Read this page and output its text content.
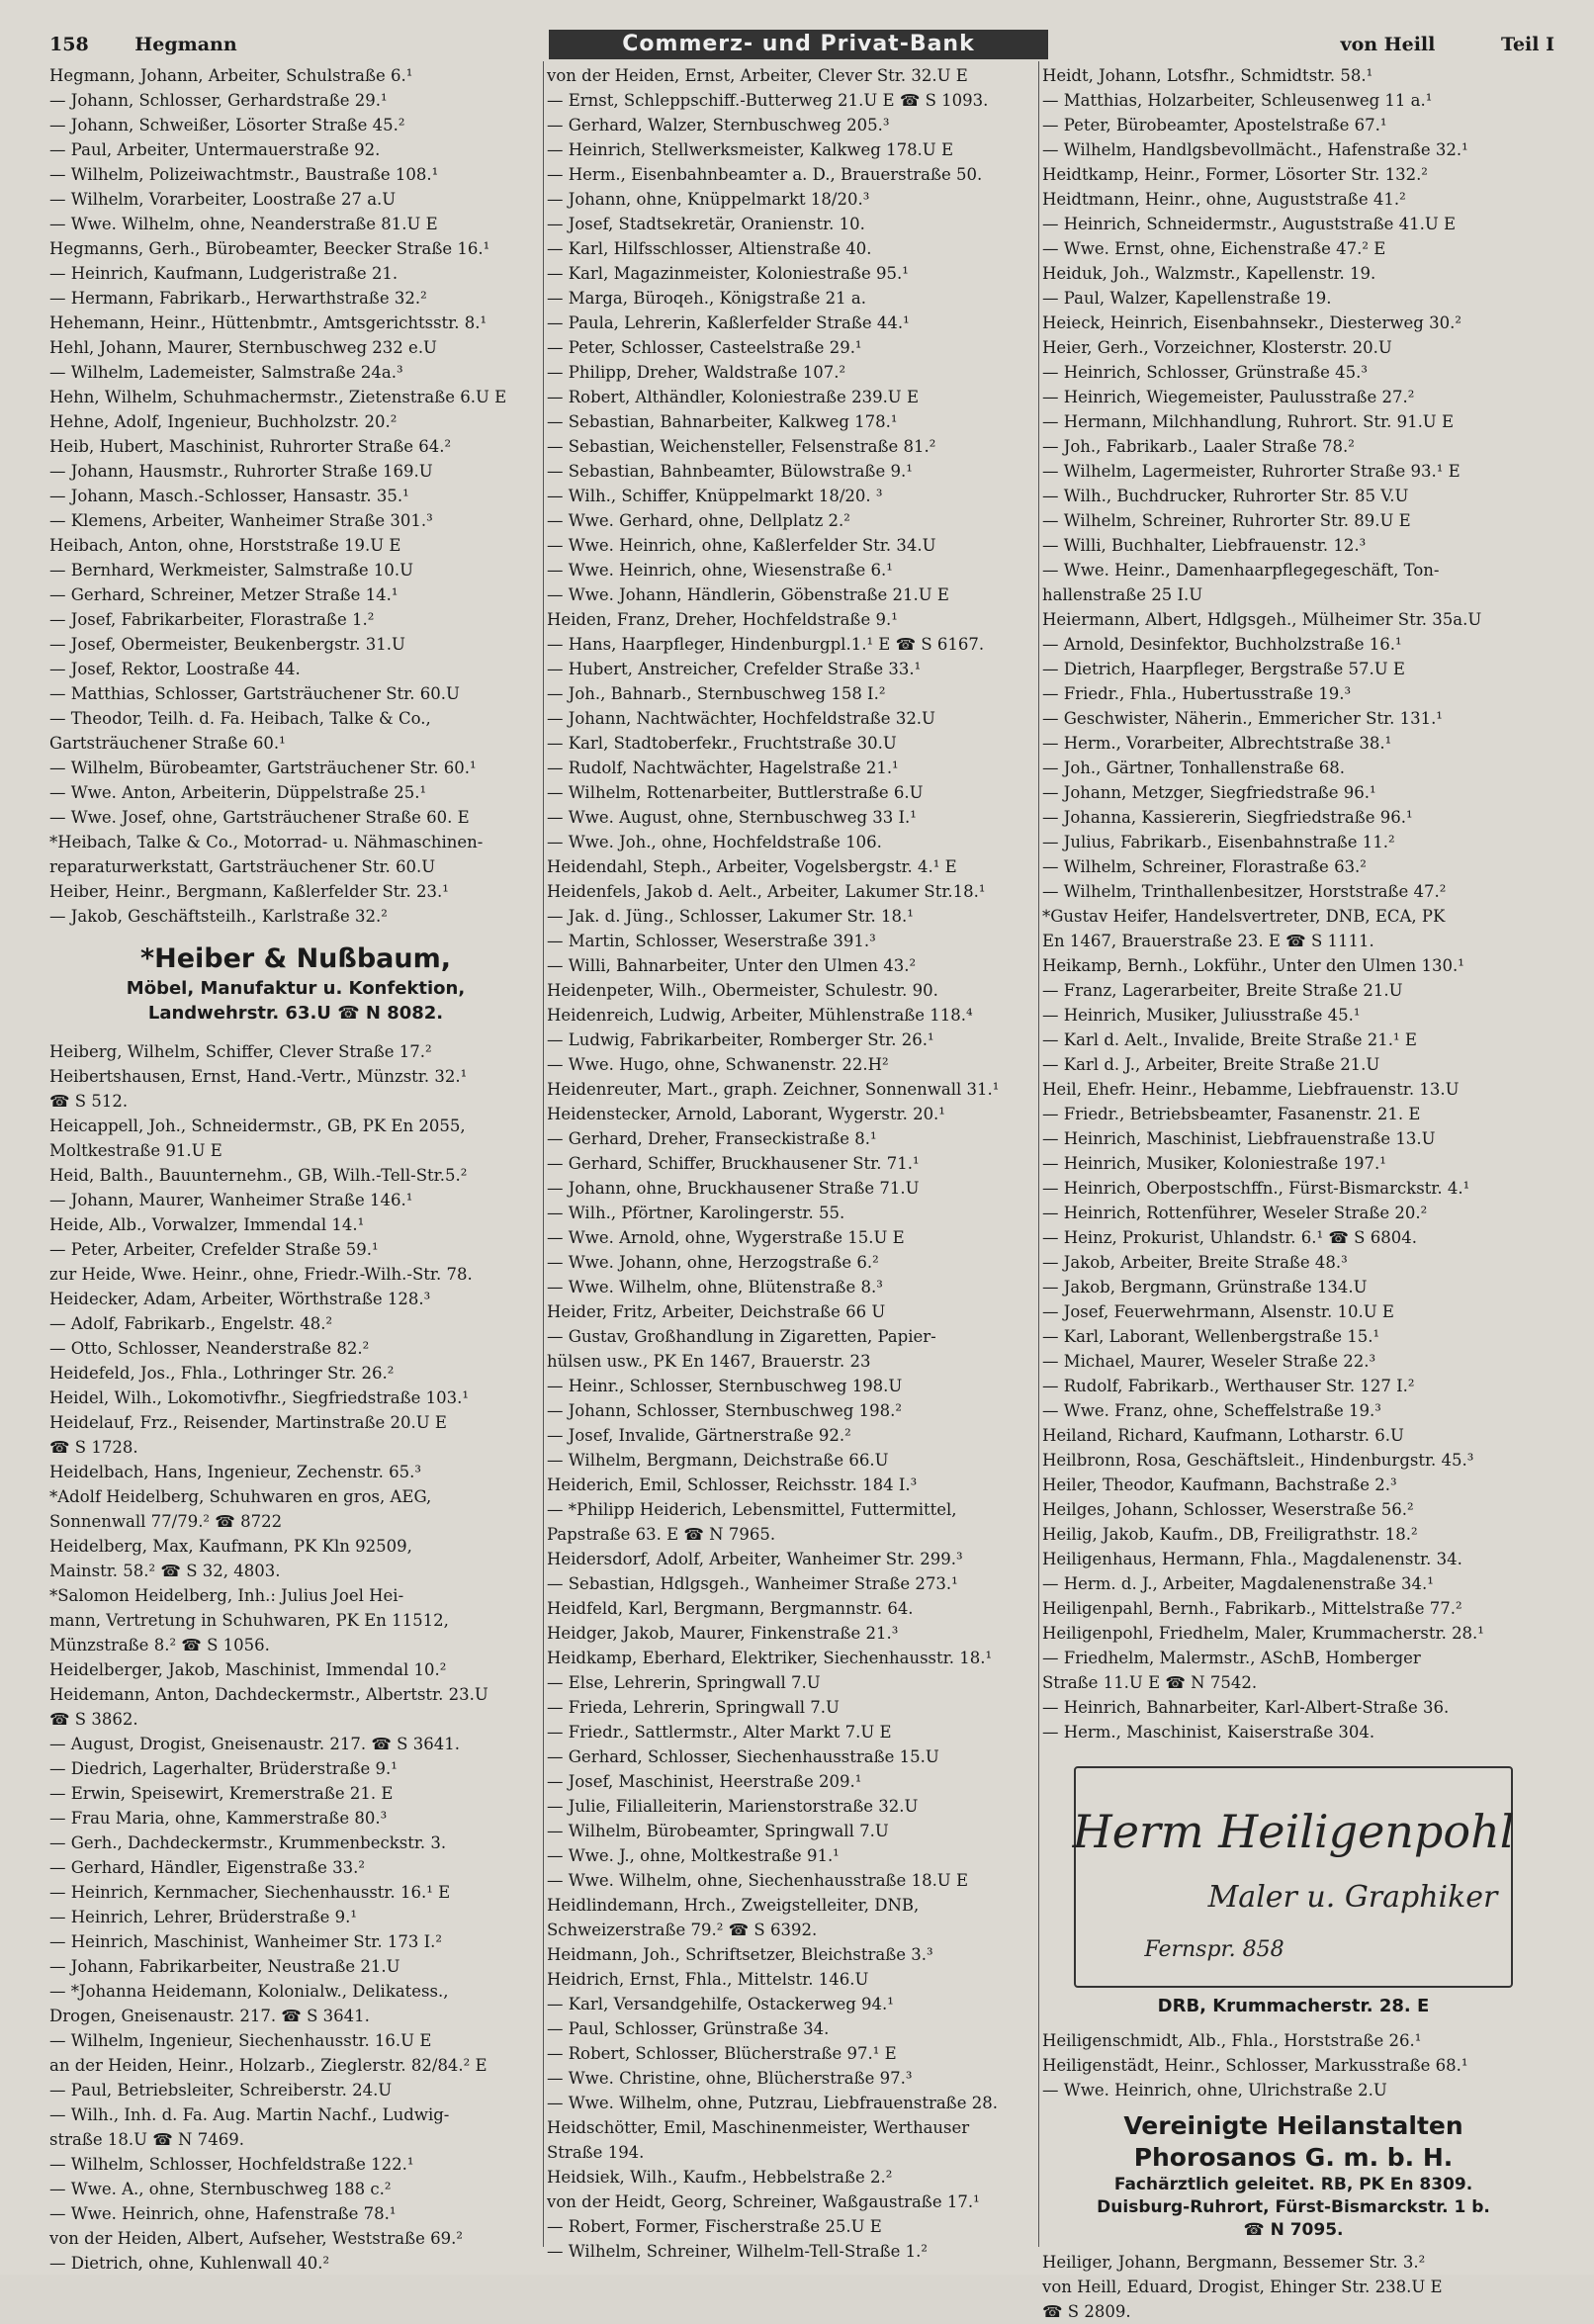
158 Hegmann	Commerz- und Privat-Bank	von Heill	Teil I
Hegmann, Johann, Arbeiter, Schulstraße 6.¹
— Johann, Schlosser, Gerhardstraße 29.¹
— Johann, Schweißer, Lösorter Straße 45.²
— Paul, Arbeiter, Untermauerstraße 92.
— Wilhelm, Polizeiwachtmstr., Baustraße 108.¹
— Wilhelm, Vorarbeiter, Loostraße 27 a.U
— Wwe. Wilhelm, ohne, Neanderstraße 81.U E
Hegmanns, Gerh., Bürobeamter, Beecker Straße 16.¹
— Heinrich, Kaufmann, Ludgeristraße 21.
— Hermann, Fabrikarb., Herwarthstraße 32.²
Hehemann, Heinr., Hüttenbmtr., Amtsgerichtsstr. 8.¹
Hehl, Johann, Maurer, Sternbuschweg 232 e.U
— Wilhelm, Lademeister, Salmstraße 24a.³
Hehn, Wilhelm, Schuhmachermstr., Zietenstraße 6.U E
Hehne, Adolf, Ingenieur, Buchholzstr. 20.²
Heib, Hubert, Maschinist, Ruhrorter Straße 64.²
— Johann, Hausmstr., Ruhrorter Straße 169.U
— Johann, Masch.-Schlosser, Hansastr. 35.¹
— Klemens, Arbeiter, Wanheimer Straße 301.³
Heibach, Anton, ohne, Horststraße 19.U E
— Bernhard, Werkmeister, Salmstraße 10.U
— Gerhard, Schreiner, Metzer Straße 14.¹
— Josef, Fabrikarbeiter, Florastraße 1.²
— Josef, Obermeister, Beukenbergstr. 31.U
— Josef, Rektor, Loostraße 44.
— Matthias, Schlosser, Gartsträuchener Str. 60.U
— Theodor, Teilh. d. Fa. Heibach, Talke & Co.,
Gartsträuchener Straße 60.¹
— Wilhelm, Bürobeamter, Gartsträuchener Str. 60.¹
— Wwe. Anton, Arbeiterin, Düppelstraße 25.¹
— Wwe. Josef, ohne, Gartsträuchener Straße 60. E
*Heibach, Talke & Co., Motorrad- u. Nähmaschinen-
reparaturwerkstatt, Gartsträuchener Str. 60.U
Heiber, Heinr., Bergmann, Kaßlerfelder Str. 23.¹
— Jakob, Geschäftsteilh., Karlstraße 32.²
*Heiber & Nußbaum,
Möbel, Manufaktur u. Konfektion,
Landwehrstr. 63.U ☎ N 8082.
Heiberg, Wilhelm, Schiffer, Clever Straße 17.²
Heibertshausen, Ernst, Hand.-Vertr., Münzstr. 32.¹
☎ S 512.
Heicappell, Joh., Schneidermstr., GB, PK En 2055,
Moltkestraße 91.U E
Heid, Balth., Bauunternehm., GB, Wilh.-Tell-Str.5.²
— Johann, Maurer, Wanheimer Straße 146.¹
Heide, Alb., Vorwalzer, Immendal 14.¹
— Peter, Arbeiter, Crefelder Straße 59.¹
zur Heide, Wwe. Heinr., ohne, Friedr.-Wilh.-Str. 78.
Heidecker, Adam, Arbeiter, Wörthstraße 128.³
— Adolf, Fabrikarb., Engelstr. 48.²
— Otto, Schlosser, Neanderstraße 82.²
Heidefeld, Jos., Fhla., Lothringer Str. 26.²
Heidel, Wilh., Lokomotivfhr., Siegfriedstraße 103.¹
Heidelauf, Frz., Reisender, Martinstraße 20.U E
☎ S 1728.
Heidelbach, Hans, Ingenieur, Zechenstr. 65.³
*Adolf Heidelberg, Schuhwaren en gros, AEG,
Sonnenwall 77/79.² ☎ 8722
Heidelberg, Max, Kaufmann, PK Kln 92509,
Mainstr. 58.² ☎ S 32, 4803.
*Salomon Heidelberg, Inh.: Julius Joel Hei-
mann, Vertretung in Schuhwaren, PK En 11512,
Münzstraße 8.² ☎ S 1056.
Heidelberger, Jakob, Maschinist, Immendal 10.²
Heidemann, Anton, Dachdeckermstr., Albertstr. 23.U
☎ S 3862.
— August, Drogist, Gneisenaustr. 217. ☎ S 3641.
— Diedrich, Lagerhalter, Brüderstraße 9.¹
— Erwin, Speisewirt, Kremerstraße 21. E
— Frau Maria, ohne, Kammerstraße 80.³
— Gerh., Dachdeckermstr., Krummenbeckstr. 3.
— Gerhard, Händler, Eigenstraße 33.²
— Heinrich, Kernmacher, Siechenhausstr. 16.¹ E
— Heinrich, Lehrer, Brüderstraße 9.¹
— Heinrich, Maschinist, Wanheimer Str. 173 I.²
— Johann, Fabrikarbeiter, Neustraße 21.U
— *Johanna Heidemann, Kolonialw., Delikatess.,
Drogen, Gneisenaustr. 217. ☎ S 3641.
— Wilhelm, Ingenieur, Siechenhausstr. 16.U E
an der Heiden, Heinr., Holzarb., Zieglerstr. 82/84.² E
— Paul, Betriebsleiter, Schreiberstr. 24.U
— Wilh., Inh. d. Fa. Aug. Martin Nachf., Ludwig-
straße 18.U ☎ N 7469.
— Wilhelm, Schlosser, Hochfeldstraße 122.¹
— Wwe. A., ohne, Sternbuschweg 188 c.²
— Wwe. Heinrich, ohne, Hafenstraße 78.¹
von der Heiden, Albert, Aufseher, Weststraße 69.²
— Dietrich, ohne, Kuhlenwall 40.²
von der Heiden, Ernst, Arbeiter, Clever Str. 32.U E
— Ernst, Schleppschiff.-Butterweg 21.U E ☎ S 1093.
— Gerhard, Walzer, Sternbuschweg 205.³
— Heinrich, Stellwerksmeister, Kalkweg 178.U E
— Herm., Eisenbahnbeamter a. D., Brauerstraße 50.
— Johann, ohne, Knüppelmarkt 18/20.³
— Josef, Stadtsekretär, Oranienstr. 10.
— Karl, Hilfsschlosser, Altienstraße 40.
— Karl, Magazinmeister, Koloniestraße 95.¹
— Marga, Büroqeh., Königstraße 21 a.
— Paula, Lehrerin, Kaßlerfelder Straße 44.¹
— Peter, Schlosser, Casteelstraße 29.¹
— Philipp, Dreher, Waldstraße 107.²
— Robert, Althändler, Koloniestraße 239.U E
— Sebastian, Bahnarbeiter, Kalkweg 178.¹
— Sebastian, Weichensteller, Felsenstraße 81.²
— Sebastian, Bahnbeamter, Bülowstraße 9.¹
— Wilh., Schiffer, Knüppelmarkt 18/20. ³
— Wwe. Gerhard, ohne, Dellplatz 2.²
— Wwe. Heinrich, ohne, Kaßlerfelder Str. 34.U
— Wwe. Heinrich, ohne, Wiesenstraße 6.¹
— Wwe. Johann, Händlerin, Göbenstraße 21.U E
Heiden, Franz, Dreher, Hochfeldstraße 9.¹
— Hans, Haarpfleger, Hindenburgpl.1.¹ E ☎ S 6167.
— Hubert, Anstreicher, Crefelder Straße 33.¹
— Joh., Bahnarb., Sternbuschweg 158 I.²
— Johann, Nachtwächter, Hochfeldstraße 32.U
— Karl, Stadtoberfekr., Fruchtstraße 30.U
— Rudolf, Nachtwächter, Hagelstraße 21.¹
— Wilhelm, Rottenarbeiter, Buttlerstraße 6.U
— Wwe. August, ohne, Sternbuschweg 33 I.¹
— Wwe. Joh., ohne, Hochfeldstraße 106.
Heidendahl, Steph., Arbeiter, Vogelsbergstr. 4.¹ E
Heidenfels, Jakob d. Aelt., Arbeiter, Lakumer Str.18.¹
— Jak. d. Jüng., Schlosser, Lakumer Str. 18.¹
— Martin, Schlosser, Weserstraße 391.³
— Willi, Bahnarbeiter, Unter den Ulmen 43.²
Heidenpeter, Wilh., Obermeister, Schulestr. 90.
Heidenreich, Ludwig, Arbeiter, Mühlenstraße 118.⁴
— Ludwig, Fabrikarbeiter, Romberger Str. 26.¹
— Wwe. Hugo, ohne, Schwanenstr. 22.H²
Heidenreuter, Mart., graph. Zeichner, Sonnenwall 31.¹
Heidenstecker, Arnold, Laborant, Wygerstr. 20.¹
— Gerhard, Dreher, Franseckistraße 8.¹
— Gerhard, Schiffer, Bruckhausener Str. 71.¹
— Johann, ohne, Bruckhausener Straße 71.U
— Wilh., Pförtner, Karolingerstr. 55.
— Wwe. Arnold, ohne, Wygerstraße 15.U E
— Wwe. Johann, ohne, Herzogstraße 6.²
— Wwe. Wilhelm, ohne, Blütenstraße 8.³
Heider, Fritz, Arbeiter, Deichstraße 66 U
— Gustav, Großhandlung in Zigaretten, Papier-
hülsen usw., PK En 1467, Brauerstr. 23
— Heinr., Schlosser, Sternbuschweg 198.U
— Johann, Schlosser, Sternbuschweg 198.²
— Josef, Invalide, Gärtnerstraße 92.²
— Wilhelm, Bergmann, Deichstraße 66.U
Heiderich, Emil, Schlosser, Reichsstr. 184 I.³
— *Philipp Heiderich, Lebensmittel, Futtermittel,
Papstraße 63. E ☎ N 7965.
Heidersdorf, Adolf, Arbeiter, Wanheimer Str. 299.³
— Sebastian, Hdlgsgeh., Wanheimer Straße 273.¹
Heidfeld, Karl, Bergmann, Bergmannstr. 64.
Heidger, Jakob, Maurer, Finkenstraße 21.³
Heidkamp, Eberhard, Elektriker, Siechenhausstr. 18.¹
— Else, Lehrerin, Springwall 7.U
— Frieda, Lehrerin, Springwall 7.U
— Friedr., Sattlermstr., Alter Markt 7.U E
— Gerhard, Schlosser, Siechenhausstraße 15.U
— Josef, Maschinist, Heerstraße 209.¹
— Julie, Filialleiterin, Marienstorstraße 32.U
— Wilhelm, Bürobeamter, Springwall 7.U
— Wwe. J., ohne, Moltkestraße 91.¹
— Wwe. Wilhelm, ohne, Siechenhausstraße 18.U E
Heidlindemann, Hrch., Zweigstelleiter, DNB,
Schweizerstraße 79.² ☎ S 6392.
Heidmann, Joh., Schriftsetzer, Bleichstraße 3.³
Heidrich, Ernst, Fhla., Mittelstr. 146.U
— Karl, Versandgehilfe, Ostackerweg 94.¹
— Paul, Schlosser, Grünstraße 34.
— Robert, Schlosser, Blücherstraße 97.¹ E
— Wwe. Christine, ohne, Blücherstraße 97.³
— Wwe. Wilhelm, ohne, Putzrau, Liebfrauenstraße 28.
Heidschötter, Emil, Maschinenmeister, Werthauser
Straße 194.
Heidsiek, Wilh., Kaufm., Hebbelstraße 2.²
von der Heidt, Georg, Schreiner, Waßgaustraße 17.¹
— Robert, Former, Fischerstraße 25.U E
— Wilhelm, Schreiner, Wilhelm-Tell-Straße 1.²
Heidt, Johann, Lotsfhr., Schmidtstr. 58.¹
— Matthias, Holzarbeiter, Schleusenweg 11 a.¹
— Peter, Bürobeamter, Apostelstraße 67.¹
— Wilhelm, Handlgsbevollmächt., Hafenstraße 32.¹
Heidtkamp, Heinr., Former, Lösorter Str. 132.²
Heidtmann, Heinr., ohne, Auguststraße 41.²
— Heinrich, Schneidermstr., Auguststraße 41.U E
— Wwe. Ernst, ohne, Eichenstraße 47.² E
Heiduk, Joh., Walzmstr., Kapellenstr. 19.
— Paul, Walzer, Kapellenstraße 19.
Heieck, Heinrich, Eisenbahnsekr., Diesterweg 30.²
Heier, Gerh., Vorzeichner, Klosterstr. 20.U
— Heinrich, Schlosser, Grünstraße 45.³
— Heinrich, Wiegemeister, Paulusstraße 27.²
— Hermann, Milchhandlung, Ruhrort. Str. 91.U E
— Joh., Fabrikarb., Laaler Straße 78.²
— Wilhelm, Lagermeister, Ruhrorter Straße 93.¹ E
— Wilh., Buchdrucker, Ruhrorter Str. 85 V.U
— Wilhelm, Schreiner, Ruhrorter Str. 89.U E
— Willi, Buchhalter, Liebfrauenstr. 12.³
— Wwe. Heinr., Damenhaarpflegegeschäft, Ton-
hallenstraße 25 I.U
Heiermann, Albert, Hdlgsgeh., Mülheimer Str. 35a.U
— Arnold, Desinfektor, Buchholzstraße 16.¹
— Dietrich, Haarpfleger, Bergstraße 57.U E
— Friedr., Fhla., Hubertusstraße 19.³
— Geschwister, Näherin., Emmericher Str. 131.¹
— Herm., Vorarbeiter, Albrechtstraße 38.¹
— Joh., Gärtner, Tonhallenstraße 68.
— Johann, Metzger, Siegfriedstraße 96.¹
— Johanna, Kassiererin, Siegfriedstraße 96.¹
— Julius, Fabrikarb., Eisenbahnstraße 11.²
— Wilhelm, Schreiner, Florastraße 63.²
— Wilhelm, Trinthallenbesitzer, Horststraße 47.²
*Gustav Heifer, Handelsvertreter, DNB, ECA, PK
En 1467, Brauerstraße 23. E ☎ S 1111.
Heikamp, Bernh., Lokführ., Unter den Ulmen 130.¹
— Franz, Lagerarbeiter, Breite Straße 21.U
— Heinrich, Musiker, Juliusstraße 45.¹
— Karl d. Aelt., Invalide, Breite Straße 21.¹ E
— Karl d. J., Arbeiter, Breite Straße 21.U
Heil, Ehefr. Heinr., Hebamme, Liebfrauenstr. 13.U
— Friedr., Betriebsbeamter, Fasanenstr. 21. E
— Heinrich, Maschinist, Liebfrauenstraße 13.U
— Heinrich, Musiker, Koloniestraße 197.¹
— Heinrich, Oberpostschffn., Fürst-Bismarckstr. 4.¹
— Heinrich, Rottenführer, Weseler Straße 20.²
— Heinz, Prokurist, Uhlandstr. 6.¹ ☎ S 6804.
— Jakob, Arbeiter, Breite Straße 48.³
— Jakob, Bergmann, Grünstraße 134.U
— Josef, Feuerwehrmann, Alsenstr. 10.U E
— Karl, Laborant, Wellenbergstraße 15.¹
— Michael, Maurer, Weseler Straße 22.³
— Rudolf, Fabrikarb., Werthauser Str. 127 I.²
— Wwe. Franz, ohne, Scheffelstraße 19.³
Heiland, Richard, Kaufmann, Lotharstr. 6.U
Heilbronn, Rosa, Geschäftsleit., Hindenburgstr. 45.³
Heiler, Theodor, Kaufmann, Bachstraße 2.³
Heilges, Johann, Schlosser, Weserstraße 56.²
Heilig, Jakob, Kaufm., DB, Freiligrathstr. 18.²
Heiligenhaus, Hermann, Fhla., Magdalenenstr. 34.
— Herm. d. J., Arbeiter, Magdalenenstraße 34.¹
Heiligenpahl, Bernh., Fabrikarb., Mittelstraße 77.²
Heiligenpohl, Friedhelm, Maler, Krummacherstr. 28.¹
— Friedhelm, Malermstr., ASchB, Homberger
Straße 11.U E ☎ N 7542.
— Heinrich, Bahnarbeiter, Karl-Albert-Straße 36.
— Herm., Maschinist, Kaiserstraße 304.
Herm Heiligenpohl
Maler u. Graphiker
Fernspr. 858
DRB, Krummacherstr. 28. E
Heiligenschmidt, Alb., Fhla., Horststraße 26.¹
Heiligenstädt, Heinr., Schlosser, Markusstraße 68.¹
— Wwe. Heinrich, ohne, Ulrichstraße 2.U
Vereinigte Heilanstalten Phorosanos G. m. b. H.
Fachärztlich geleitet. RB, PK En 8309.
Duisburg-Ruhrort, Fürst-Bismarckstr. 1 b.
☎ N 7095.
Heiliger, Johann, Bergmann, Bessemer Str. 3.²
von Heill, Eduard, Drogist, Ehinger Str. 238.U E
☎ S 2809.
